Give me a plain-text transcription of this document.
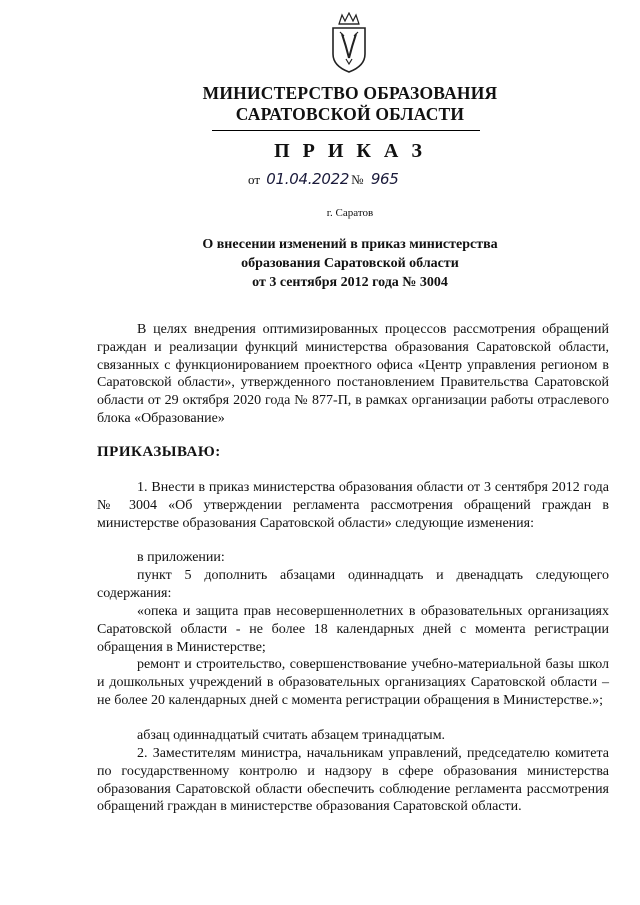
МИНИСТЕРСТВО ОБРАЗОВАНИЯ
САРАТОВСКОЙ ОБЛАСТИ
П Р И К А З
от 01.04.2022 № 965
г. Саратов
О внесении изменений в приказ министерства
образования Саратовской области
от 3 сентября 2012 года № 3004

В целях внедрения оптимизированных процессов рассмотрения обращений граждан и реализации функций министерства образования Саратовской области, связанных с функционированием проектного офиса «Центр управления регионом в Саратовской области», утвержденного постановлением Правительства Саратовской области от 29 октября 2020 года № 877-П, в рамках организации работы отраслевого блока «Образование»

ПРИКАЗЫВАЮ:

1. Внести в приказ министерства образования области от 3 сентября 2012 года № 3004 «Об утверждении регламента рассмотрения обращений граждан в министерстве образования Саратовской области» следующие изменения:

в приложении:

пункт 5 дополнить абзацами одиннадцать и двенадцать следующего содержания:

«опека и защита прав несовершеннолетних в образовательных организациях Саратовской области - не более 18 календарных дней с момента регистрации обращения в Министерстве;

ремонт и строительство, совершенствование учебно-материальной базы школ и дошкольных учреждений в образовательных организациях Саратовской области – не более 20 календарных дней с момента регистрации обращения в Министерстве.»;

абзац одиннадцатый считать абзацем тринадцатым.

2. Заместителям министра, начальникам управлений, председателю комитета по государственному контролю и надзору в сфере образования министерства образования Саратовской области обеспечить соблюдение регламента рассмотрения обращений граждан в министерстве образования Саратовской области.
